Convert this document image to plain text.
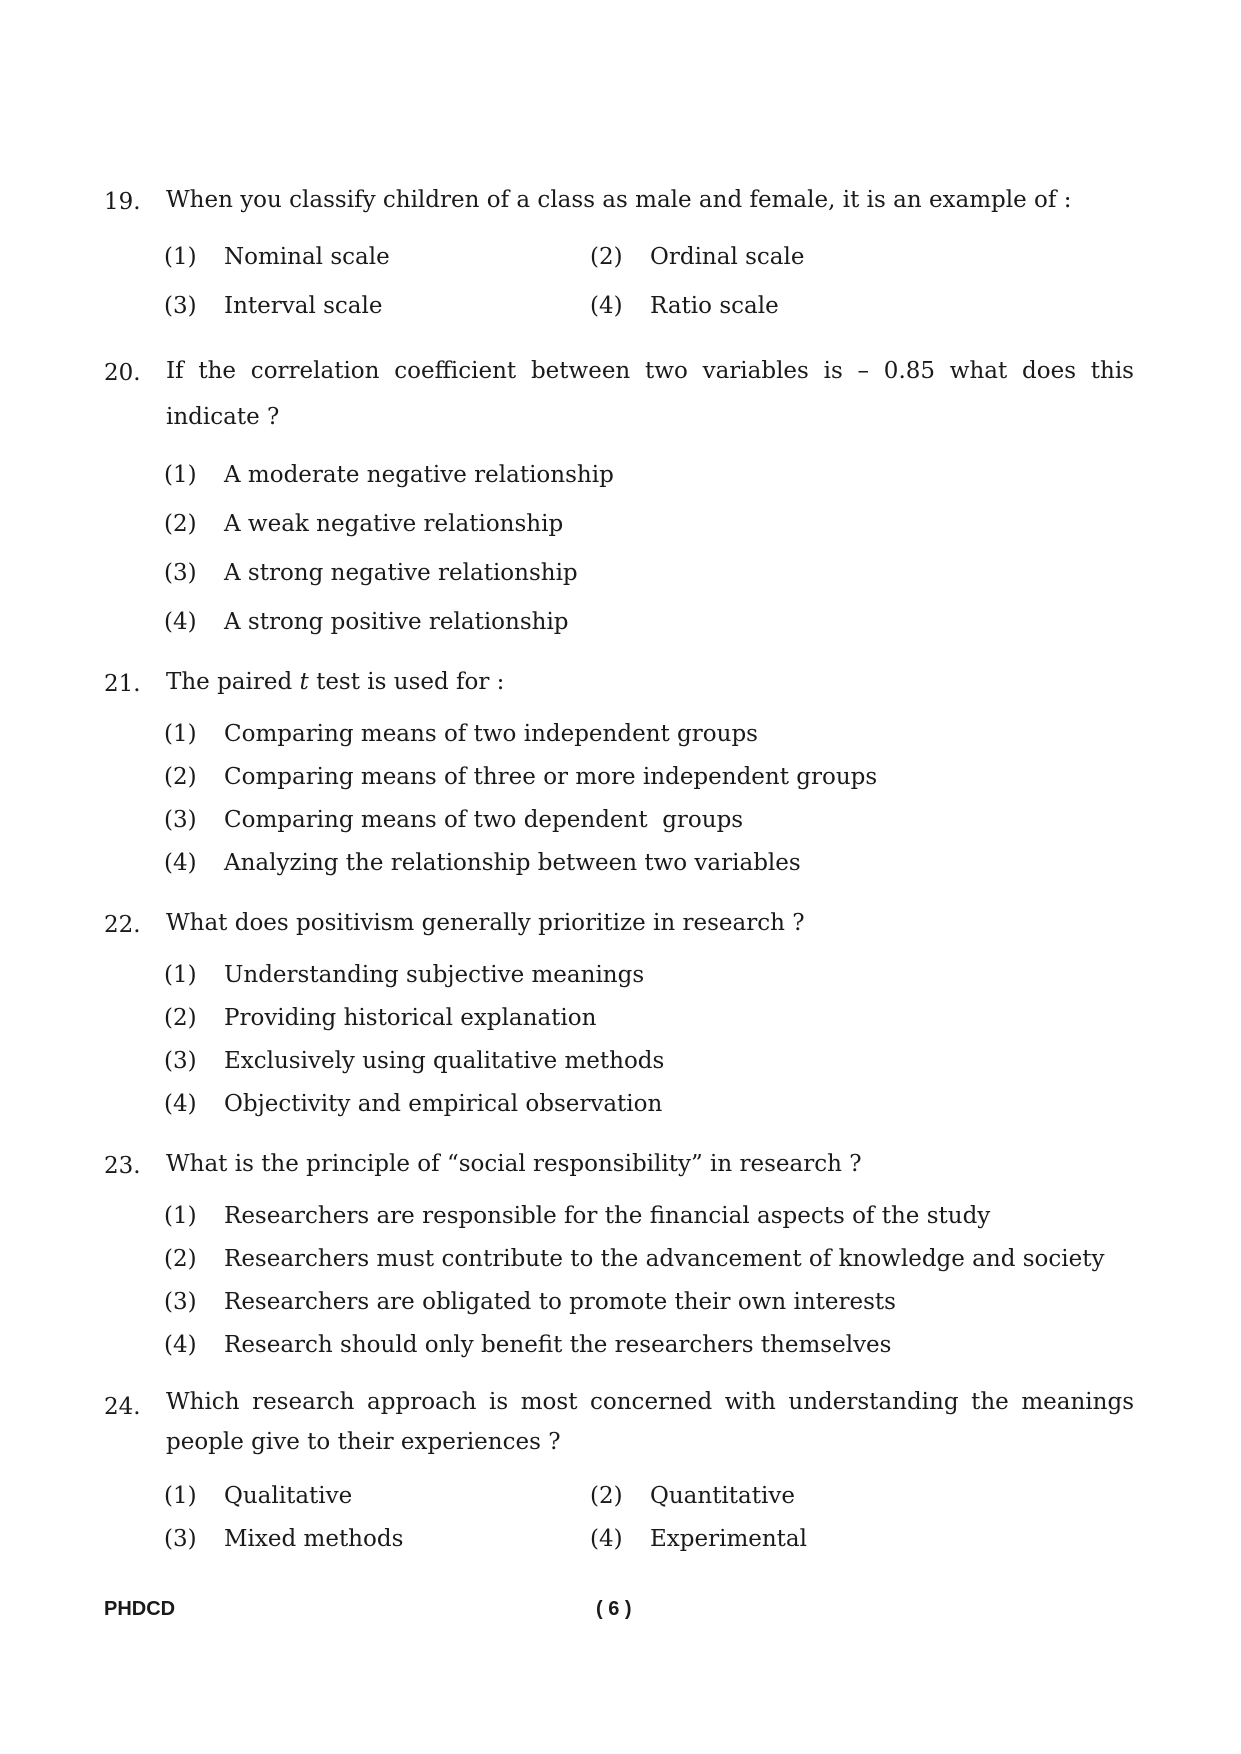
19. When you classify children of a class as male and female, it is an example of :
(1) Nominal scale	(2) Ordinal scale
(3) Interval scale	(4) Ratio scale
20. If the correlation coefficient between two variables is – 0.85 what does this indicate ?
(1) A moderate negative relationship
(2) A weak negative relationship
(3) A strong negative relationship
(4) A strong positive relationship
21. The paired t test is used for :
(1) Comparing means of two independent groups
(2) Comparing means of three or more independent groups
(3) Comparing means of two dependent  groups
(4) Analyzing the relationship between two variables
22. What does positivism generally prioritize in research ?
(1) Understanding subjective meanings
(2) Providing historical explanation
(3) Exclusively using qualitative methods
(4) Objectivity and empirical observation
23. What is the principle of “social responsibility” in research ?
(1) Researchers are responsible for the financial aspects of the study
(2) Researchers must contribute to the advancement of knowledge and society
(3) Researchers are obligated to promote their own interests
(4) Research should only benefit the researchers themselves
24. Which research approach is most concerned with understanding the meanings people give to their experiences ?
(1) Qualitative	(2) Quantitative
(3) Mixed methods	(4) Experimental
PHDCD	( 6 )
